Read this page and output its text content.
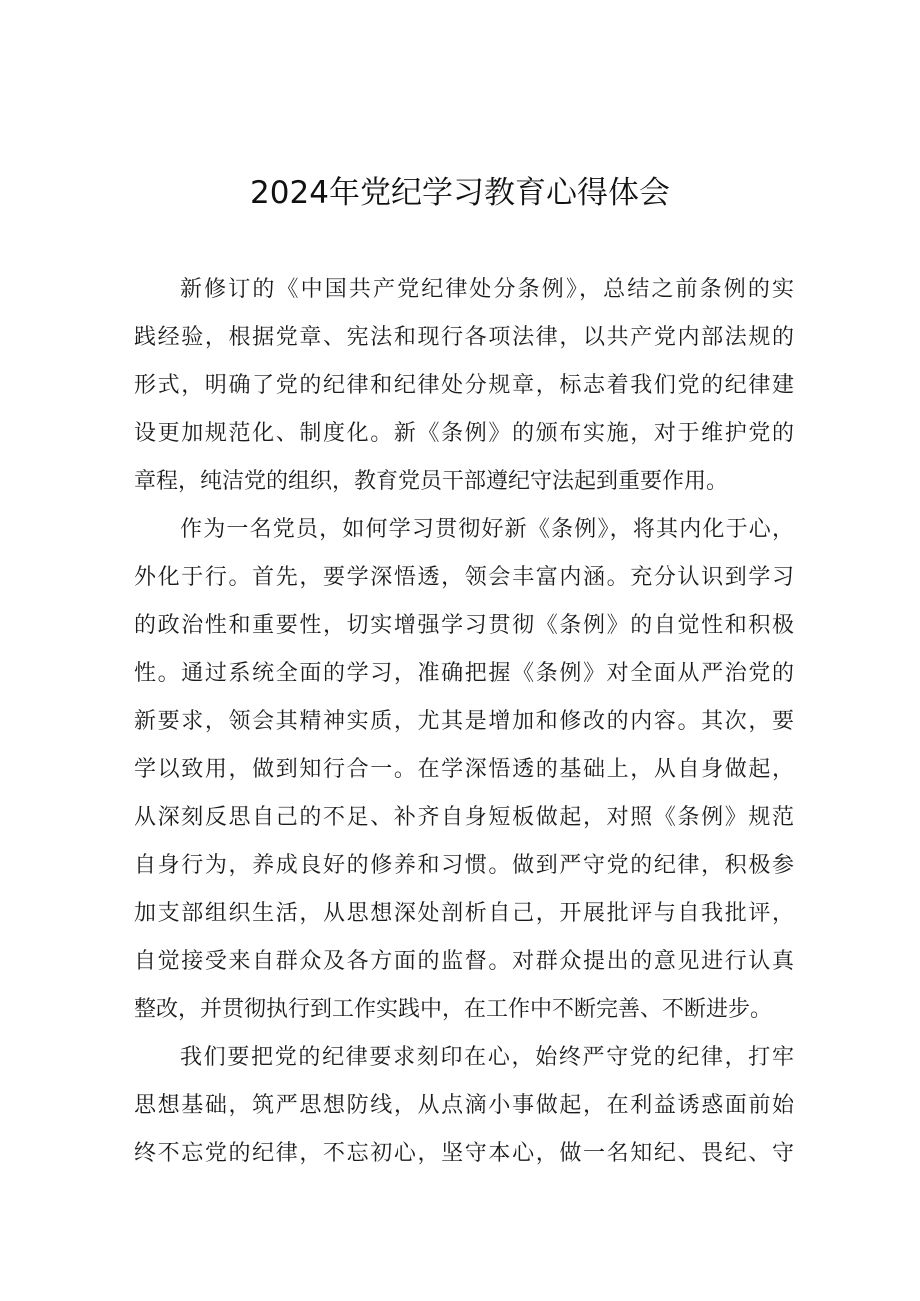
2024年党纪学习教育心得体会
新修订的《中国共产党纪律处分条例》，总结之前条例的实
践经验，根据党章、宪法和现行各项法律，以共产党内部法规的
形式，明确了党的纪律和纪律处分规章，标志着我们党的纪律建
设更加规范化、制度化。新《条例》的颁布实施，对于维护党的
章程，纯洁党的组织，教育党员干部遵纪守法起到重要作用。
作为一名党员，如何学习贯彻好新《条例》，将其内化于心，
外化于行。首先，要学深悟透，领会丰富内涵。充分认识到学习
的政治性和重要性，切实增强学习贯彻《条例》的自觉性和积极
性。通过系统全面的学习，准确把握《条例》对全面从严治党的
新要求，领会其精神实质，尤其是增加和修改的内容。其次，要
学以致用，做到知行合一。在学深悟透的基础上，从自身做起，
从深刻反思自己的不足、补齐自身短板做起，对照《条例》规范
自身行为，养成良好的修养和习惯。做到严守党的纪律，积极参
加支部组织生活，从思想深处剖析自己，开展批评与自我批评，
自觉接受来自群众及各方面的监督。对群众提出的意见进行认真
整改，并贯彻执行到工作实践中，在工作中不断完善、不断进步。
我们要把党的纪律要求刻印在心，始终严守党的纪律，打牢
思想基础，筑严思想防线，从点滴小事做起，在利益诱惑面前始
终不忘党的纪律，不忘初心，坚守本心，做一名知纪、畏纪、守
